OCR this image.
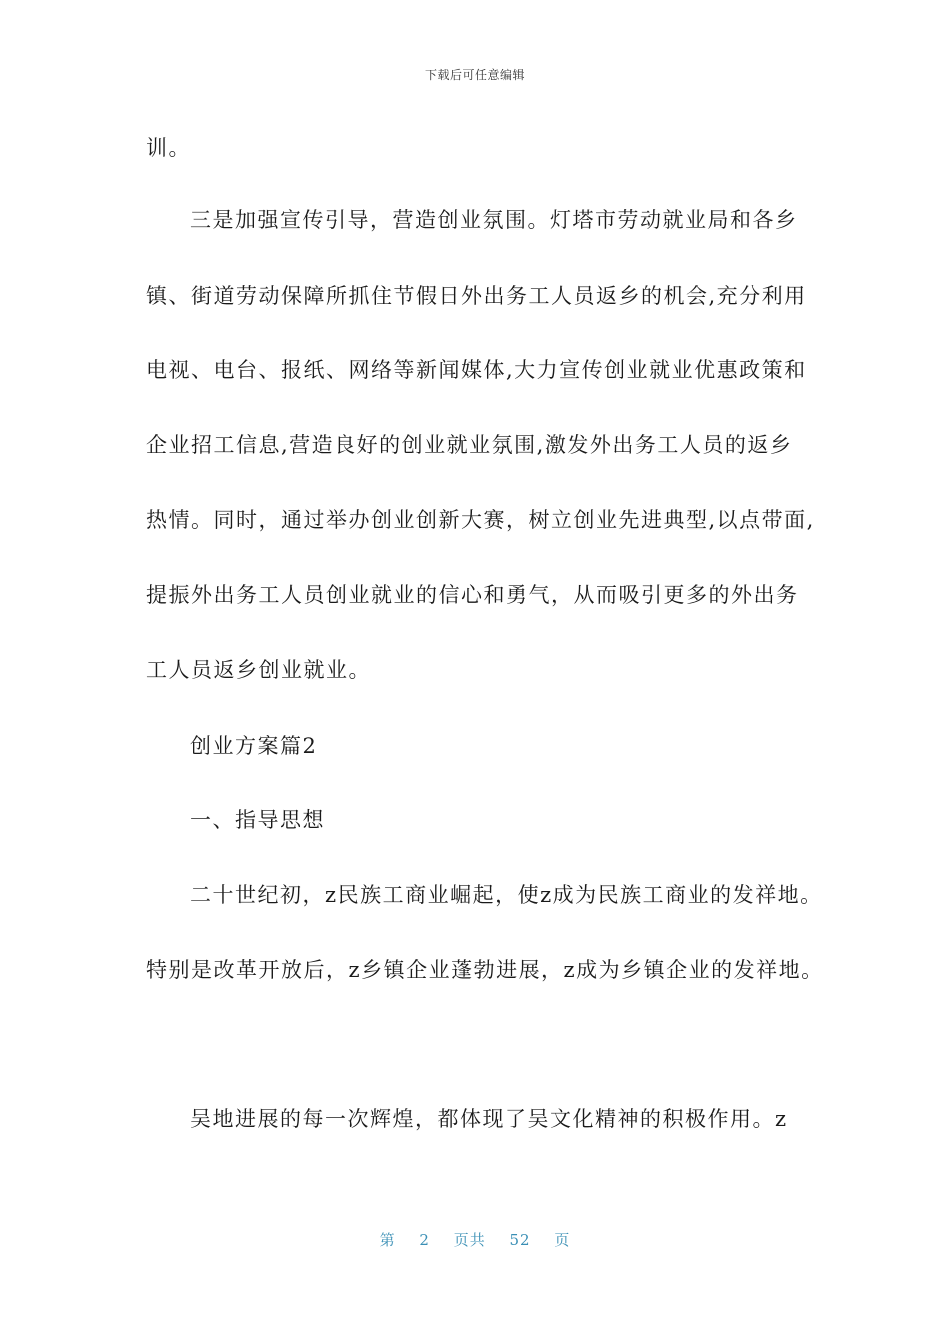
下载后可任意编辑
训。
三是加强宣传引导，营造创业氛围。灯塔市劳动就业局和各乡
镇、街道劳动保障所抓住节假日外出务工人员返乡的机会,充分利用
电视、电台、报纸、网络等新闻媒体,大力宣传创业就业优惠政策和
企业招工信息,营造良好的创业就业氛围,激发外出务工人员的返乡
热情。同时，通过举办创业创新大赛，树立创业先进典型,以点带面,
提振外出务工人员创业就业的信心和勇气，从而吸引更多的外出务
工人员返乡创业就业。
创业方案篇2
一、指导思想
二十世纪初，z民族工商业崛起，使z成为民族工商业的发祥地。
特别是改革开放后，z乡镇企业蓬勃进展，z成为乡镇企业的发祥地。
吴地进展的每一次辉煌，都体现了吴文化精神的积极作用。z
第 2 页共 52 页
